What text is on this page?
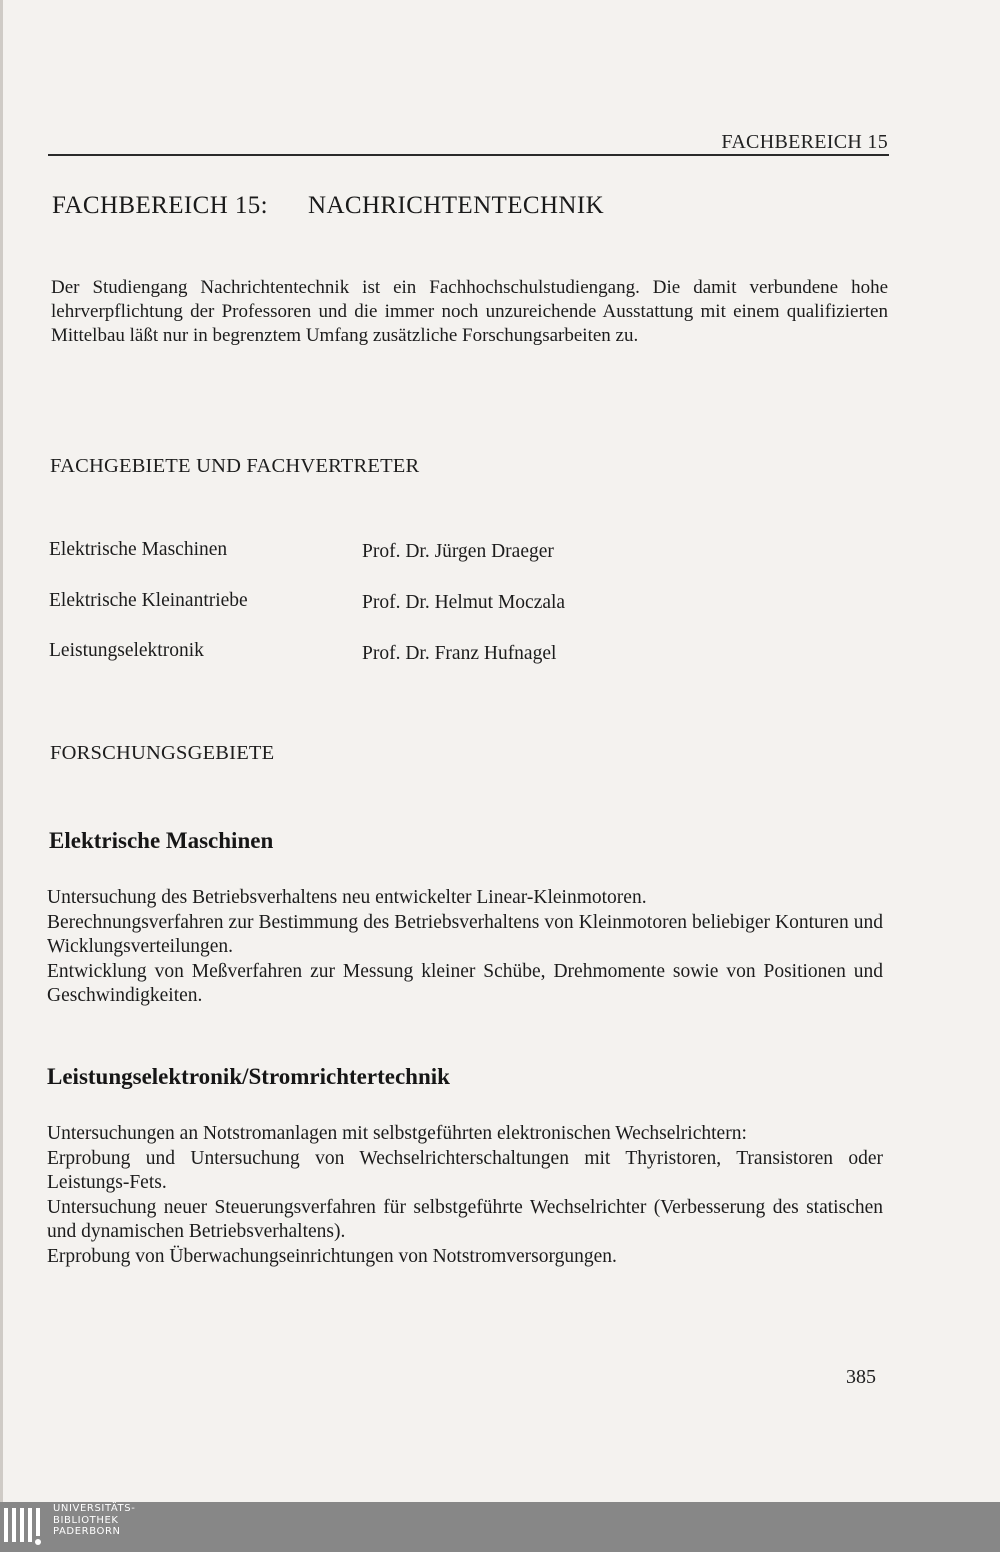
FACHBEREICH 15
FACHBEREICH 15: NACHRICHTENTECHNIK
Der Studiengang Nachrichtentechnik ist ein Fachhochschulstudiengang. Die damit verbundene hohe lehrverpflichtung der Professoren und die immer noch unzureichende Ausstattung mit einem qualifizierten Mittelbau läßt nur in begrenztem Umfang zusätzliche Forschungsarbeiten zu.
FACHGEBIETE UND FACHVERTRETER
Elektrische Maschinen	Prof. Dr. Jürgen Draeger
Elektrische Kleinantriebe	Prof. Dr. Helmut Moczala
Leistungselektronik	Prof. Dr. Franz Hufnagel
FORSCHUNGSGEBIETE
Elektrische Maschinen

Untersuchung des Betriebsverhaltens neu entwickelter Linear-Kleinmotoren.

Berechnungsverfahren zur Bestimmung des Betriebsverhaltens von Kleinmotoren beliebiger Konturen und Wicklungsverteilungen.

Entwicklung von Meßverfahren zur Messung kleiner Schübe, Drehmomente sowie von Positionen und Geschwindigkeiten.

Leistungselektronik/Stromrichtertechnik

Untersuchungen an Notstromanlagen mit selbstgeführten elektronischen Wechselrichtern:

Erprobung und Untersuchung von Wechselrichterschaltungen mit Thyristoren, Transistoren oder Leistungs-Fets.

Untersuchung neuer Steuerungsverfahren für selbstgeführte Wechselrichter (Verbesserung des statischen und dynamischen Betriebsverhaltens).

Erprobung von Überwachungseinrichtungen von Notstromversorgungen.

385
UNIVERSITÄTS-
BIBLIOTHEK
PADERBORN
